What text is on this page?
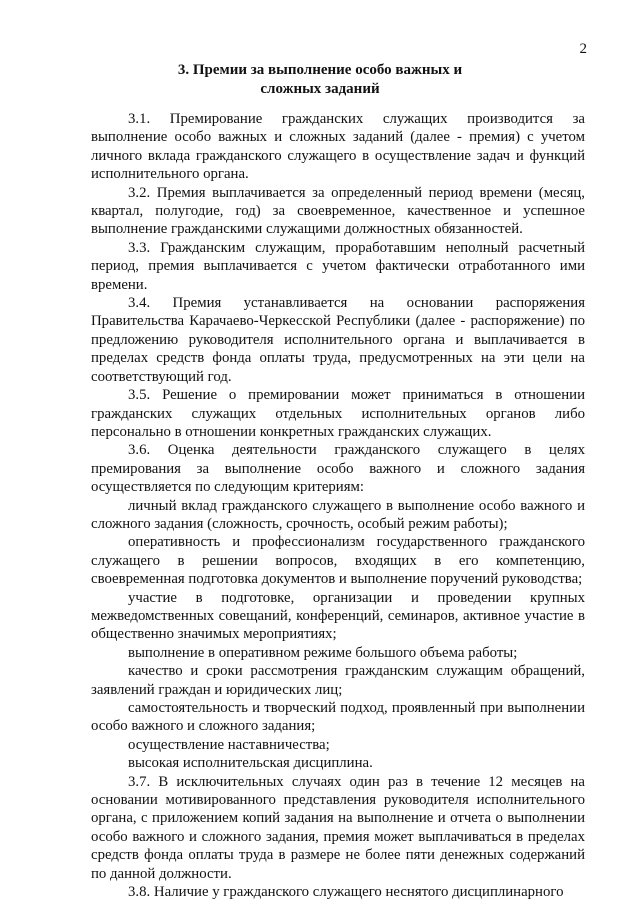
2
3. Премии за выполнение особо важных и
сложных заданий

3.1. Премирование гражданских служащих производится за выполнение особо важных и сложных заданий (далее - премия) с учетом личного вклада гражданского служащего в осуществление задач и функций исполнительного органа.

3.2. Премия выплачивается за определенный период времени (месяц, квартал, полугодие, год) за своевременное, качественное и успешное выполнение гражданскими служащими должностных обязанностей.

3.3. Гражданским служащим, проработавшим неполный расчетный период, премия выплачивается с учетом фактически отработанного ими времени.

3.4. Премия устанавливается на основании распоряжения Правительства Карачаево-Черкесской Республики (далее - распоряжение) по предложению руководителя исполнительного органа и выплачивается в пределах средств фонда оплаты труда, предусмотренных на эти цели на соответствующий год.

3.5. Решение о премировании может приниматься в отношении гражданских служащих отдельных исполнительных органов либо персонально в отношении конкретных гражданских служащих.

3.6. Оценка деятельности гражданского служащего в целях премирования за выполнение особо важного и сложного задания осуществляется по следующим критериям:

личный вклад гражданского служащего в выполнение особо важного и сложного задания (сложность, срочность, особый режим работы);

оперативность и профессионализм государственного гражданского служащего в решении вопросов, входящих в его компетенцию, своевременная подготовка документов и выполнение поручений руководства;

участие в подготовке, организации и проведении крупных межведомственных совещаний, конференций, семинаров, активное участие в общественно значимых мероприятиях;

выполнение в оперативном режиме большого объема работы;

качество и сроки рассмотрения гражданским служащим обращений, заявлений граждан и юридических лиц;

самостоятельность и творческий подход, проявленный при выполнении особо важного и сложного задания;

осуществление наставничества;

высокая исполнительская дисциплина.

3.7. В исключительных случаях один раз в течение 12 месяцев на основании мотивированного представления руководителя исполнительного органа, с приложением копий задания на выполнение и отчета о выполнении особо важного и сложного задания, премия может выплачиваться в пределах средств фонда оплаты труда в размере не более пяти денежных содержаний по данной должности.

3.8. Наличие у гражданского служащего неснятого дисциплинарного
